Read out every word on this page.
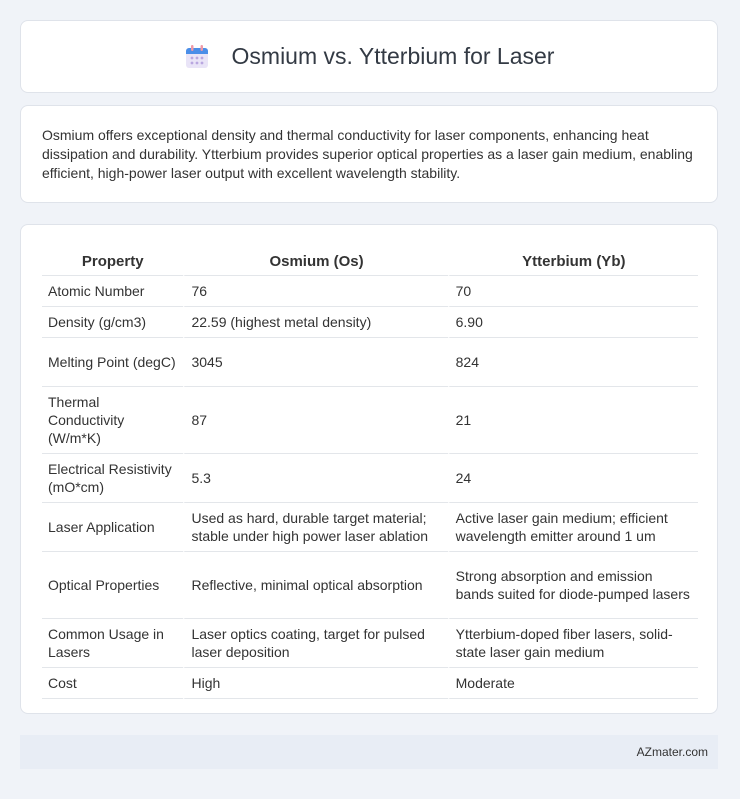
Osmium vs. Ytterbium for Laser

Osmium offers exceptional density and thermal conductivity for laser components, enhancing heat dissipation and durability. Ytterbium provides superior optical properties as a laser gain medium, enabling efficient, high-power laser output with excellent wavelength stability.

Property	Osmium (Os)	Ytterbium (Yb)
Atomic Number	76	70
Density (g/cm3)	22.59 (highest metal density)	6.90
Melting Point (degC)	3045	824
Thermal Conductivity (W/m*K)	87	21
Electrical Resistivity (mO*cm)	5.3	24
Laser Application	Used as hard, durable target material; stable under high power laser ablation	Active laser gain medium; efficient wavelength emitter around 1 um
Optical Properties	Reflective, minimal optical absorption	Strong absorption and emission bands suited for diode-pumped lasers
Common Usage in Lasers	Laser optics coating, target for pulsed laser deposition	Ytterbium-doped fiber lasers, solid-state laser gain medium
Cost	High	Moderate
AZmater.com
